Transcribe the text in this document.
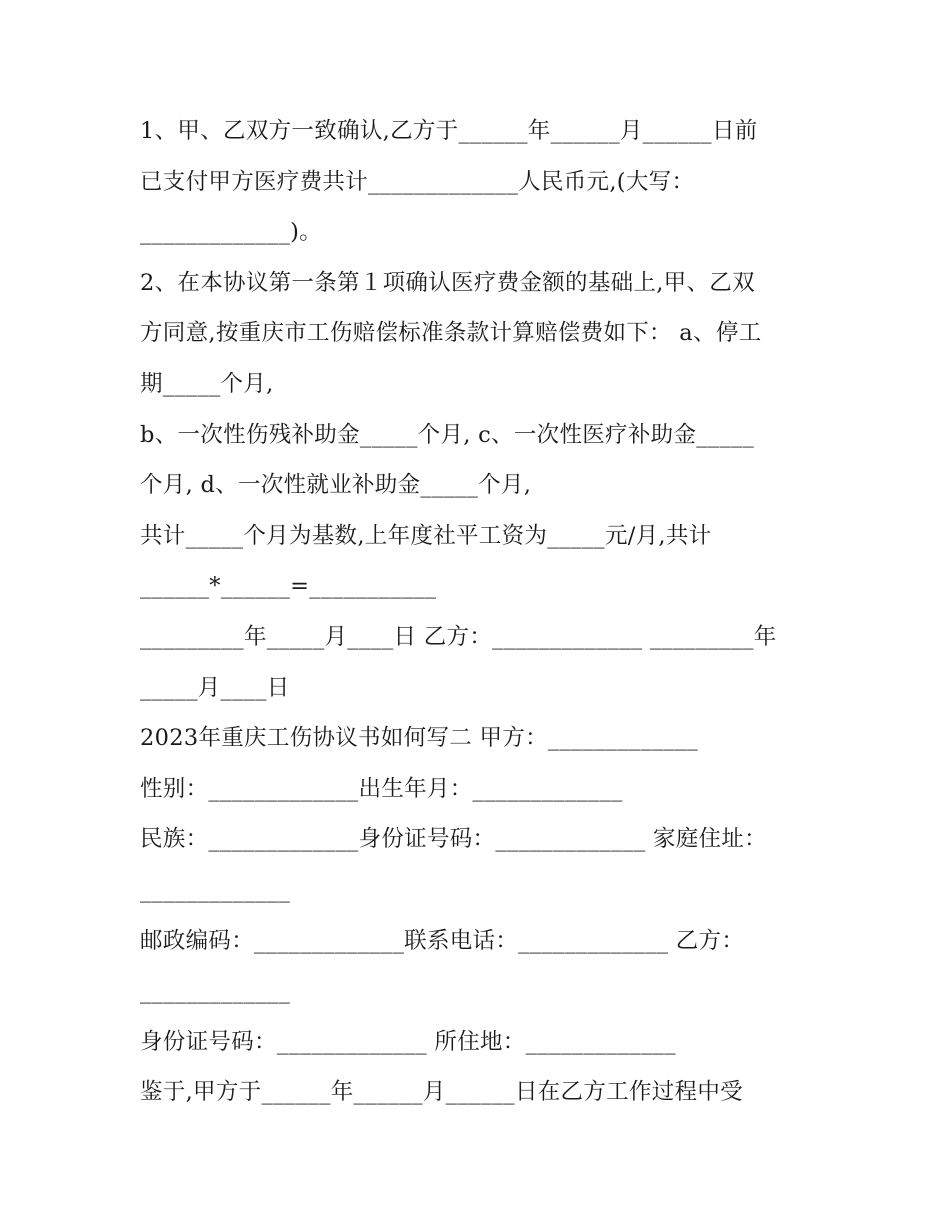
1、甲、乙双方一致确认,乙方于______年______月______日前
已支付甲方医疗费共计_____________人民币元,(大写：
_____________)。
2、在本协议第一条第１项确认医疗费金额的基础上,甲、乙双
方同意,按重庆市工伤赔偿标准条款计算赔偿费如下： a、停工
期_____个月,
b、一次性伤残补助金_____个月, c、一次性医疗补助金_____
个月, d、一次性就业补助金_____个月,
共计_____个月为基数,上年度社平工资为_____元/月,共计
______*______=___________
_________年_____月____日 乙方：_____________ _________年
_____月____日
2023年重庆工伤协议书如何写二 甲方：_____________
性别：_____________出生年月：_____________
民族：_____________身份证号码：_____________ 家庭住址：
_____________
邮政编码：_____________联系电话：_____________ 乙方：
_____________
身份证号码：_____________ 所住地：_____________
鉴于,甲方于______年______月______日在乙方工作过程中受
